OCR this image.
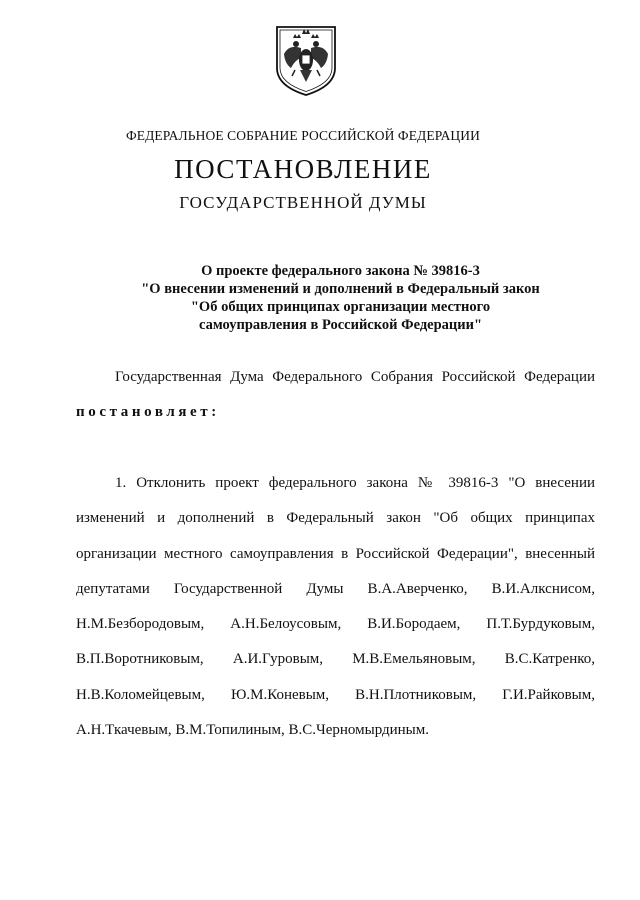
ФЕДЕРАЛЬНОЕ СОБРАНИЕ РОССИЙСКОЙ ФЕДЕРАЦИИ
ПОСТАНОВЛЕНИЕ
ГОСУДАРСТВЕННОЙ ДУМЫ
О проекте федерального закона № 39816-3
"О внесении изменений и дополнений в Федеральный закон
"Об общих принципах организации местного
самоуправления в Российской Федерации"
Государственная Дума Федерального Собрания Российской Федерации
постановляет:
1. Отклонить проект федерального закона № 39816-3 "О внесении
изменений и дополнений в Федеральный закон "Об общих принципах
организации местного самоуправления в Российской Федерации", внесенный
депутатами Государственной Думы В.А.Аверченко, В.И.Алкснисом,
Н.М.Безбородовым, А.Н.Белоусовым, В.И.Бородаем, П.Т.Бурдуковым,
В.П.Воротниковым, А.И.Гуровым, М.В.Емельяновым, В.С.Катренко,
Н.В.Коломейцевым, Ю.М.Коневым, В.Н.Плотниковым, Г.И.Райковым,
А.Н.Ткачевым, В.М.Топилиным, В.С.Черномырдиным.
